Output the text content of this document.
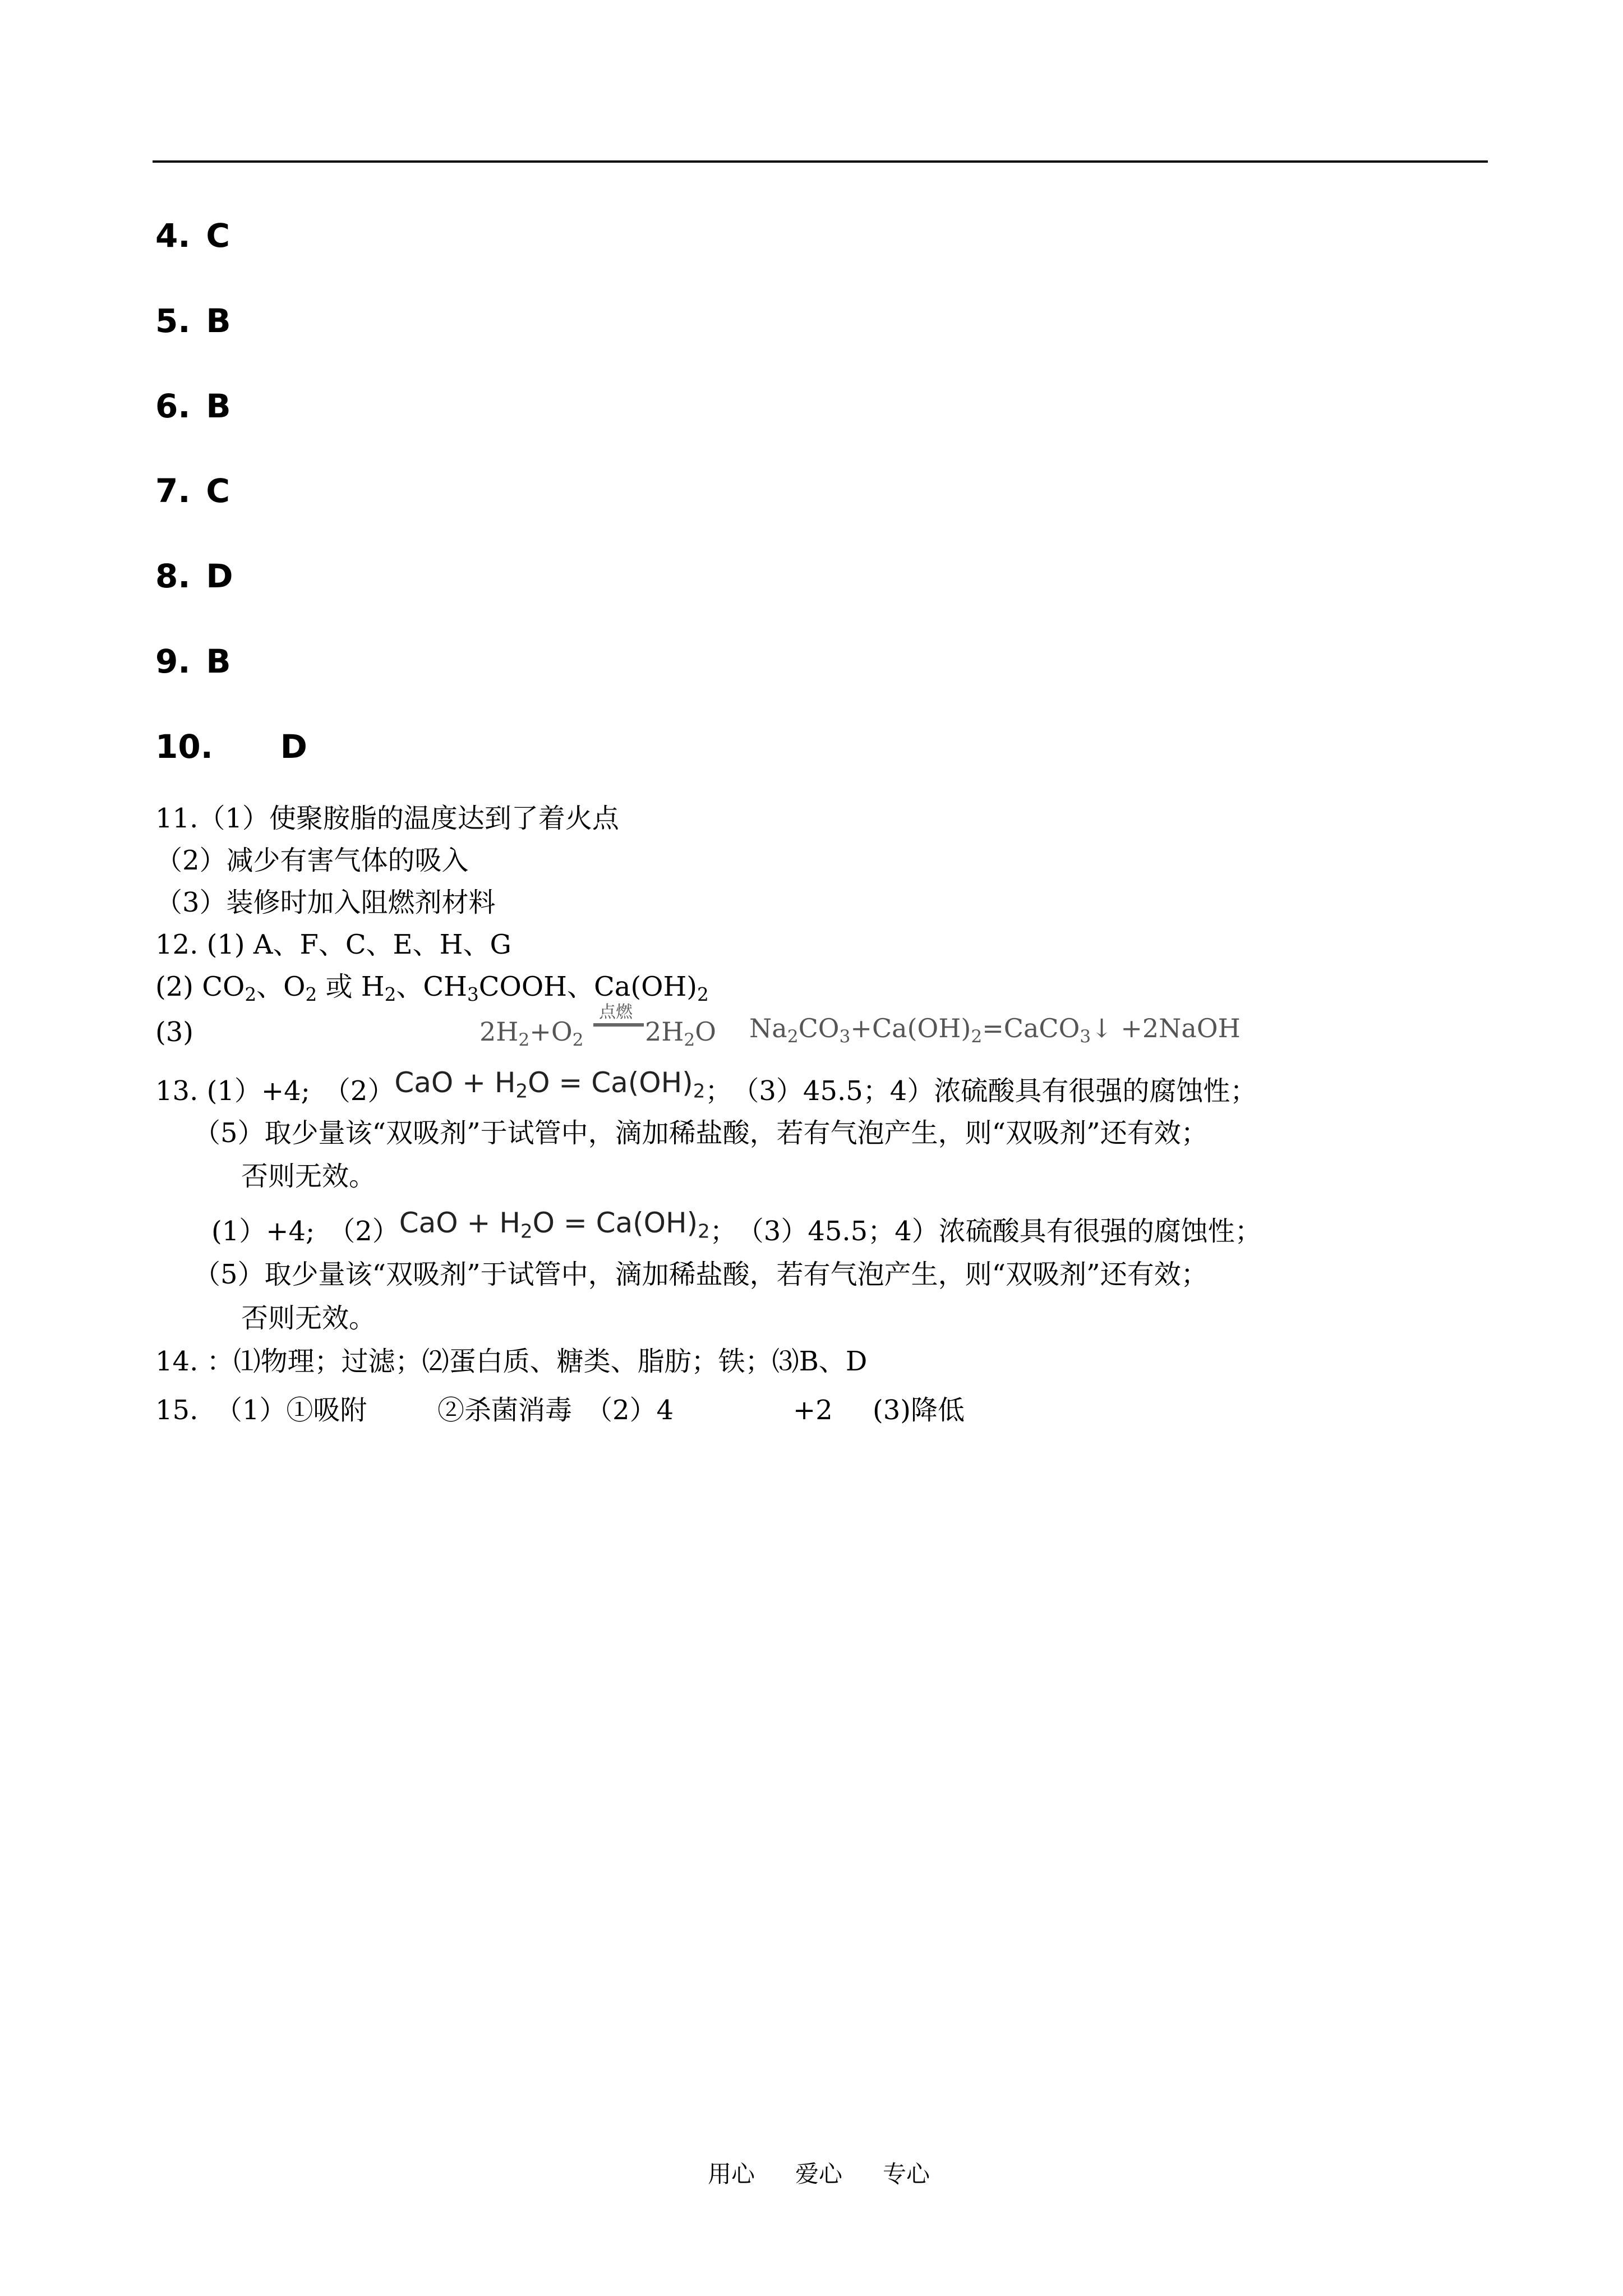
4. C
5. B
6. B
7. C
8. D
9. B
10. D
11.（1）使聚胺脂的温度达到了着火点
（2）减少有害气体的吸入
（3）装修时加入阻燃剂材料
12. (1) A、F、C、E、H、G
(2) $CO_2$、$O_2$ 或 $H_2$、$CH_3COOH$、$Ca(OH)_2$
(3)	$2H_2+O_2$
点燃
$2H_2O$ $Na_2CO_3+Ca(OH)_2=CaCO_3↓$ +2NaOH
13. (1）+4;　$(2)CaO + H_2O = Ca(OH)_2$；　（3）45.5；4）浓硫酸具有很强的腐蚀性；
（5）取少量该“双吸剂”于试管中，滴加稀盐酸，若有气泡产生，则“双吸剂”还有效；
否则无效。
(1）+4;　$(2)CaO + H_2O = Ca(OH)_2$；　（3）45.5；4）浓硫酸具有很强的腐蚀性；
（5）取少量该“双吸剂”于试管中，滴加稀盐酸，若有气泡产生，则“双吸剂”还有效；
否则无效。
14. ：⑴物理；过滤；⑵蛋白质、糖类、脂肪；铁；⑶B、D
15.  （1）①吸附	②杀菌消毒　（2）4	+2 (3)降低
用心 爱心 专心
